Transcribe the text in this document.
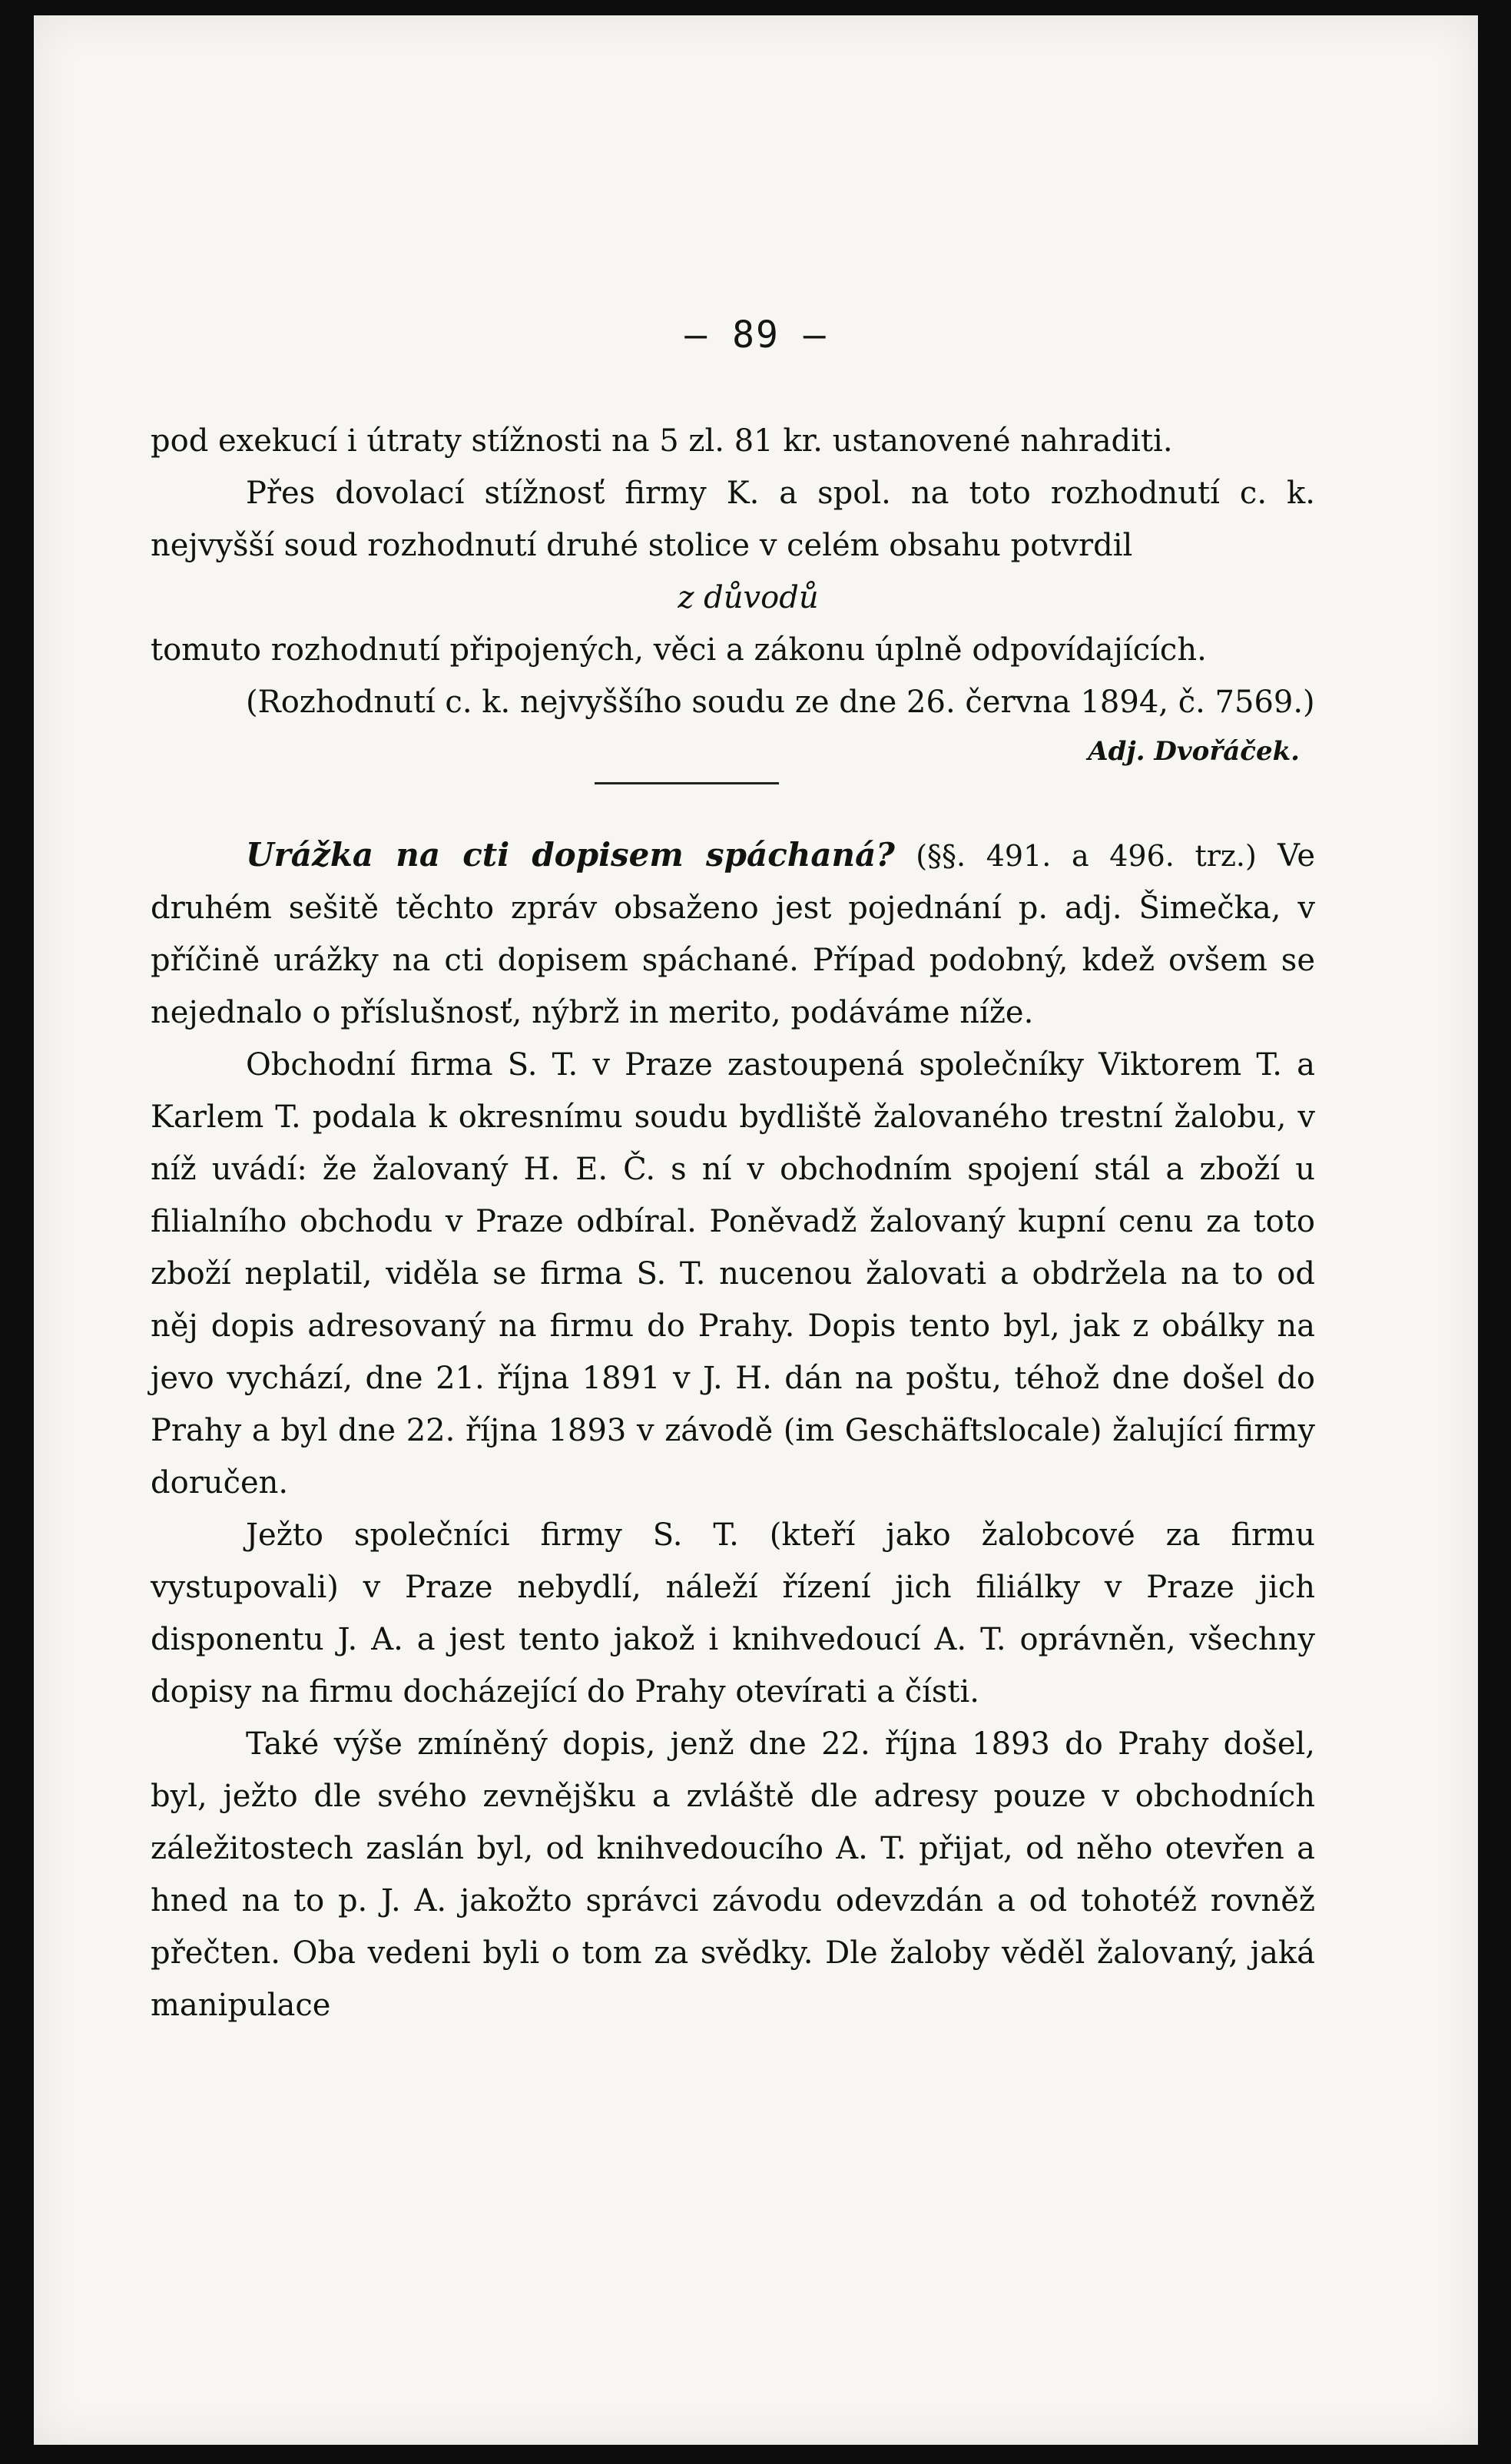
— 89 —

pod exekucí i útraty stížnosti na 5 zl. 81 kr. ustanovené nahraditi.

Přes dovolací stížnosť firmy K. a spol. na toto rozhodnutí c. k. nejvyšší soud rozhodnutí druhé stolice v celém obsahu potvrdil

z důvodů

tomuto rozhodnutí připojených, věci a zákonu úplně odpovídajících.

(Rozhodnutí c. k. nejvyššího soudu ze dne 26. června 1894, č. 7569.)

Adj. Dvořáček.

Urážka na cti dopisem spáchaná? (§§. 491. a 496. trz.) Ve druhém sešitě těchto zpráv obsaženo jest pojednání p. adj. Šimečka, v příčině urážky na cti dopisem spáchané. Případ podobný, kdež ovšem se nejednalo o příslušnosť, nýbrž in merito, podáváme níže.

Obchodní firma S. T. v Praze zastoupená společníky Viktorem T. a Karlem T. podala k okresnímu soudu bydliště žalovaného trestní žalobu, v níž uvádí: že žalovaný H. E. Č. s ní v obchodním spojení stál a zboží u filialního obchodu v Praze odbíral. Poněvadž žalovaný kupní cenu za toto zboží neplatil, viděla se firma S. T. nucenou žalovati a obdržela na to od něj dopis adresovaný na firmu do Prahy. Dopis tento byl, jak z obálky na jevo vychází, dne 21. října 1891 v J. H. dán na poštu, téhož dne došel do Prahy a byl dne 22. října 1893 v závodě (im Geschäftslocale) žalující firmy doručen.

Ježto společníci firmy S. T. (kteří jako žalobcové za firmu vystupovali) v Praze nebydlí, náleží řízení jich filiálky v Praze jich disponentu J. A. a jest tento jakož i knihvedoucí A. T. oprávněn, všechny dopisy na firmu docházející do Prahy otevírati a čísti.

Také výše zmíněný dopis, jenž dne 22. října 1893 do Prahy došel, byl, ježto dle svého zevnějšku a zvláště dle adresy pouze v obchodních záležitostech zaslán byl, od knihvedoucího A. T. přijat, od něho otevřen a hned na to p. J. A. jakožto správci závodu odevzdán a od tohotéž rovněž přečten. Oba vedeni byli o tom za svědky. Dle žaloby věděl žalovaný, jaká manipulace
